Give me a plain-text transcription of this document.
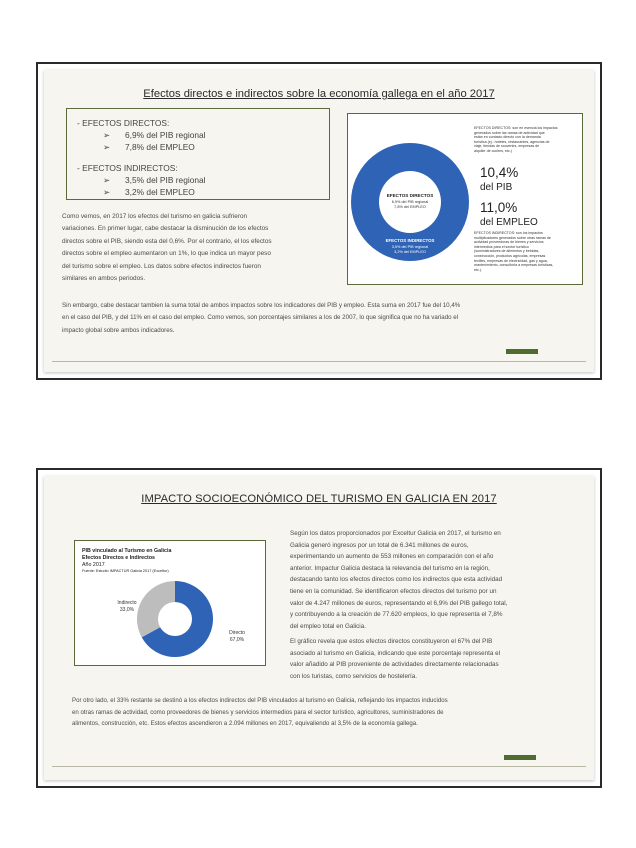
Efectos directos e indirectos sobre la economía gallega en el año 2017
- EFECTOS DIRECTOS:
➢ 6,9% del PIB regional
➢ 7,8% del EMPLEO
- EFECTOS INDIRECTOS:
➢ 3,5% del PIB regional
➢ 3,2% del EMPLEO
Como vemos, en 2017 los efectos del turismo en galicia sufrieron
variaciones. En primer lugar, cabe destacar la disminución de los efectos
directos sobre el PIB, siendo esta del 0,6%. Por el contrario, el los efectos
directos sobre el empleo aumentaron un 1%, lo que indica un mayor peso
del turismo sobre el empleo. Los datos sobre efectos indirectos fueron
similares en ambos periodos.
EFECTOS DIRECTOS
6,9% del PIB regional
7,8% del EMPLEO
EFECTOS INDIRECTOS
3,5% del PIB regional
3,2% del EMPLEO
EFECTOS DIRECTOS: son en esencia los impactos
generados sobre las ramas de actividad que
están en contacto directo con la demanda
turística (ej.: hoteles, restaurantes, agencias de
viaje, tiendas de souvenirs, empresas de
alquiler de coches, etc.)
10,4%
del PIB
11,0%
del EMPLEO
EFECTOS INDIRECTOS: son los impactos
multiplicadores generados sobre otras ramas de
actividad proveedoras de bienes y servicios
intermedios para el sector turístico
(suministradores de alimentos y bebidas,
construcción, productos agrícolas, empresas
textiles, empresas de electricidad, gas y agua,
mantenimiento, consultoría a empresas turísticas,
etc.).
Sin embargo, cabe destacar tambien la suma total de ambos impactos sobre los indicadores del PIB y empleo. Esta suma en 2017 fue del 10,4%
en el caso del PIB, y del 11% en el caso del empleo. Como vemos, son porcentajes similares a los de 2007, lo que significa que no ha variado el
impacto global sobre ambos indicadores.
IMPACTO SOCIOECONÓMICO DEL TURISMO EN GALICIA EN 2017
PIB vinculado al Turismo en Galicia
Efectos Directos e Indirectos
Año 2017
Fuente: Estudio IMPACTUR Galicia 2017 (Exceltur)
Indirecto
33,0%
Directo
67,0%
Según los datos proporcionados por Exceltur Galicia en 2017, el turismo en
Galicia generó ingresos por un total de 6.341 millones de euros,
experimentando un aumento de 553 millones en comparación con el año
anterior. Impactur Galicia destaca la relevancia del turismo en la región,
destacando tanto los efectos directos como los indirectos que esta actividad
tiene en la comunidad. Se identificaron efectos directos del turismo por un
valor de 4.247 millones de euros, representando el 6,9% del PIB gallego total,
y contribuyendo a la creación de 77.620 empleos, lo que representa el 7,8%
del empleo total en Galicia.
El gráfico revela que estos efectos directos constituyeron el 67% del PIB
asociado al turismo en Galicia, indicando que este porcentaje representa el
valor añadido al PIB proveniente de actividades directamente relacionadas
con los turistas, como servicios de hostelería.
Por otro lado, el 33% restante se destinó a los efectos indirectos del PIB vinculados al turismo en Galicia, reflejando los impactos inducidos
en otras ramas de actividad, como proveedores de bienes y servicios intermedios para el sector turístico, agricultores, suministradores de
alimentos, construcción, etc. Estos efectos ascendieron a 2.094 millones en 2017, equivaliendo al 3,5% de la economía gallega.
